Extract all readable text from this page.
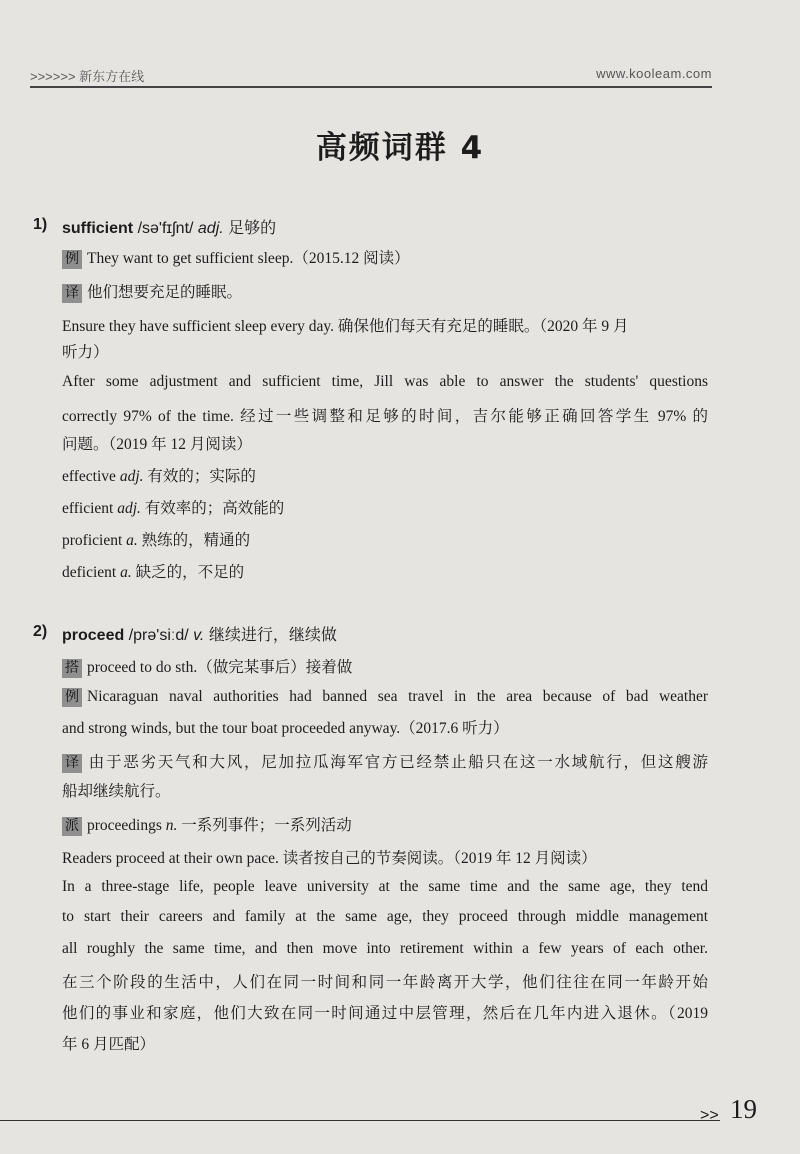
>>>>>> 新东方在线	www.kooleam.com
高频词群 4
1) sufficient /sə'fɪʃnt/ adj. 足够的
例 They want to get sufficient sleep.（2015.12 阅读）
译 他们想要充足的睡眠。
Ensure they have sufficient sleep every day. 确保他们每天有充足的睡眠。（2020 年 9 月
听力）
After some adjustment and sufficient time, Jill was able to answer the students' questions
correctly 97% of the time. 经过一些调整和足够的时间，吉尔能够正确回答学生 97% 的
问题。（2019 年 12 月阅读）
effective adj. 有效的；实际的
efficient adj. 有效率的；高效能的
proficient a. 熟练的，精通的
deficient a. 缺乏的，不足的
2) proceed /prə'siːd/ v. 继续进行，继续做
搭 proceed to do sth.（做完某事后）接着做
例 Nicaraguan naval authorities had banned sea travel in the area because of bad weather
and strong winds, but the tour boat proceeded anyway.（2017.6 听力）
译 由于恶劣天气和大风，尼加拉瓜海军官方已经禁止船只在这一水域航行，但这艘游
船却继续航行。
派 proceedings n. 一系列事件；一系列活动
Readers proceed at their own pace. 读者按自己的节奏阅读。（2019 年 12 月阅读）
In a three-stage life, people leave university at the same time and the same age, they tend
to start their careers and family at the same age, they proceed through middle management
all roughly the same time, and then move into retirement within a few years of each other.
在三个阶段的生活中，人们在同一时间和同一年龄离开大学，他们往往在同一年龄开始
他们的事业和家庭，他们大致在同一时间通过中层管理，然后在几年内进入退休。（2019
年 6 月匹配）
>> 19
